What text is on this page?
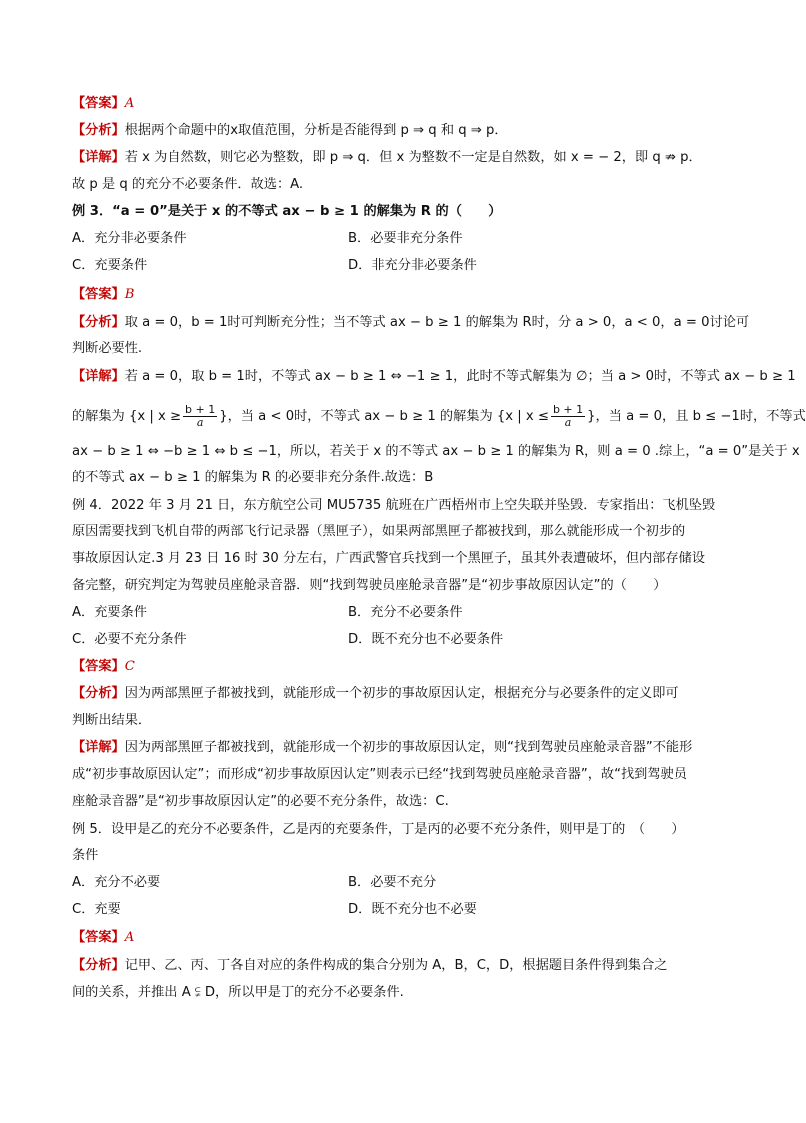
【答案】A
【分析】根据两个命题中的x取值范围，分析是否能得到 p ⇒ q 和 q ⇒ p．
【详解】若 x 为自然数，则它必为整数，即 p ⇒ q．但 x 为整数不一定是自然数，如 x = − 2，即 q ⇏ p．
故 p 是 q 的充分不必要条件．故选：A.
例 3．“a = 0”是关于 x 的不等式 ax − b ≥ 1 的解集为 R 的（　　）
A．充分非必要条件	B．必要非充分条件
C．充要条件	D．非充分非必要条件
【答案】B
【分析】取 a = 0，b = 1时可判断充分性；当不等式 ax − b ≥ 1 的解集为 R时，分 a > 0，a < 0，a = 0讨论可
判断必要性.
【详解】若 a = 0，取 b = 1时，不等式 ax − b ≥ 1 ⇔ −1 ≥ 1，此时不等式解集为 ∅；当 a > 0时，不等式 ax − b ≥ 1
的解集为 {x | $x \ge \frac{b + 1}{a}$ }，当 a < 0时，不等式 ax − b ≥ 1 的解集为 {x | $x \le \frac{b + 1}{a}$ }，当 a = 0，且 b ≤ −1时，不等式
ax − b ≥ 1 ⇔ −b ≥ 1 ⇔ b ≤ −1，所以，若关于 x 的不等式 ax − b ≥ 1 的解集为 R，则 a = 0 .综上，“a = 0”是关于 x
的不等式 ax − b ≥ 1 的解集为 R 的必要非充分条件.故选：B
例 4．2022 年 3 月 21 日，东方航空公司 MU5735 航班在广西梧州市上空失联并坠毁．专家指出：飞机坠毁
原因需要找到飞机自带的两部飞行记录器（黑匣子），如果两部黑匣子都被找到，那么就能形成一个初步的
事故原因认定.3 月 23 日 16 时 30 分左右，广西武警官兵找到一个黑匣子，虽其外表遭破坏，但内部存储设
备完整，研究判定为驾驶员座舱录音器．则“找到驾驶员座舱录音器”是“初步事故原因认定”的（　　）
A．充要条件	B．充分不必要条件
C．必要不充分条件	D．既不充分也不必要条件
【答案】C
【分析】因为两部黑匣子都被找到，就能形成一个初步的事故原因认定，根据充分与必要条件的定义即可
判断出结果．
【详解】因为两部黑匣子都被找到，就能形成一个初步的事故原因认定，则“找到驾驶员座舱录音器”不能形
成“初步事故原因认定”；而形成“初步事故原因认定”则表示已经“找到驾驶员座舱录音器”，故“找到驾驶员
座舱录音器”是“初步事故原因认定”的必要不充分条件，故选：C.
例 5．设甲是乙的充分不必要条件，乙是丙的充要条件，丁是丙的必要不充分条件，则甲是丁的　（　　）
条件
A．充分不必要	B．必要不充分
C．充要	D．既不充分也不必要
【答案】A
【分析】记甲、乙、丙、丁各自对应的条件构成的集合分别为 A，B，C，D，根据题目条件得到集合之
间的关系，并推出 A ⫋ D，所以甲是丁的充分不必要条件.
